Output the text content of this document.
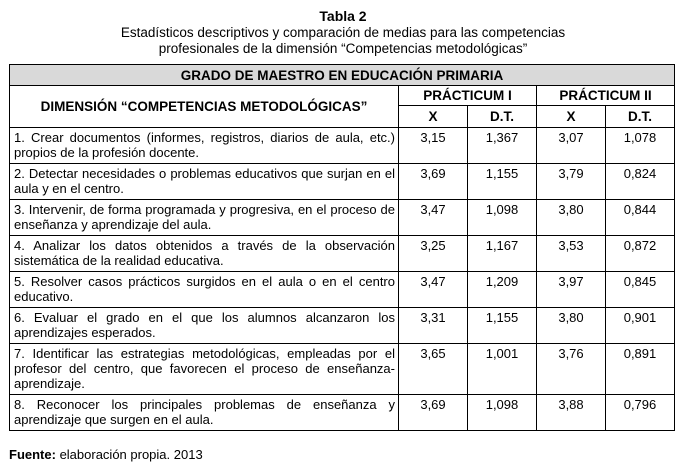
Tabla 2
Estadísticos descriptivos y comparación de medias para las competencias
profesionales de la dimensión “Competencias metodológicas”
GRADO DE MAESTRO EN EDUCACIÓN PRIMARIA				
DIMENSIÓN “COMPETENCIAS METODOLÓGICAS”	PRÁCTICUM I		PRÁCTICUM II	
	X	D.T.	X	D.T.
1. Crear documentos (informes, registros, diarios de aula, etc.) propios de la profesión docente.	3,15	1,367	3,07	1,078
2. Detectar necesidades o problemas educativos que surjan en el aula y en el centro.	3,69	1,155	3,79	0,824
3. Intervenir, de forma programada y progresiva, en el proceso de enseñanza y aprendizaje del aula.	3,47	1,098	3,80	0,844
4. Analizar los datos obtenidos a través de la observación sistemática de la realidad educativa.	3,25	1,167	3,53	0,872
5. Resolver casos prácticos surgidos en el aula o en el centro educativo.	3,47	1,209	3,97	0,845
6. Evaluar el grado en el que los alumnos alcanzaron los aprendizajes esperados.	3,31	1,155	3,80	0,901
7. Identificar las estrategias metodológicas, empleadas por el profesor del centro, que favorecen el proceso de enseñanza-aprendizaje.	3,65	1,001	3,76	0,891
8. Reconocer los principales problemas de enseñanza y aprendizaje que surgen en el aula.	3,69	1,098	3,88	0,796
Fuente: elaboración propia. 2013
